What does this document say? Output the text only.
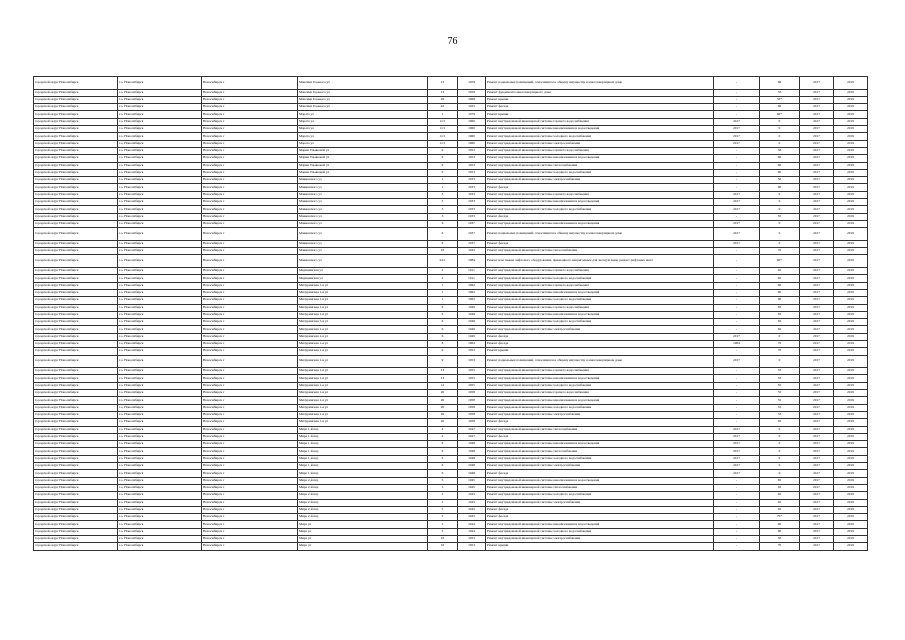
76
городской округ Новосибирск	г.о. Новосибирск	Новосибирск г	Максима Горького ул	12	1959	Ремонт подвальных помещений, относящихся к общему имуществу в многоквартирном доме	-	60	2017	2019
городской округ Новосибирск	г.о. Новосибирск	Новосибирск г	Максима Горького ул	12	1959	Ремонт фундамента многоквартирного дома	-	55	2017	2019
городской округ Новосибирск	г.о. Новосибирск	Новосибирск г	Максима Горького ул	26	1968	Ремонт крыши	-	50*	2017	2019
городской округ Новосибирск	г.о. Новосибирск	Новосибирск г	Максима Горького ул	42	1925	Ремонт фасада	-	60	2017	2019
городской округ Новосибирск	г.о. Новосибирск	Новосибирск г	Марата ул	1	1979	Ремонт крыши	-	60*	2017	2019
городской округ Новосибирск	г.о. Новосибирск	Новосибирск г	Марата ул	11/1	1960	Ремонт внутридомовой инженерной системы горячего водоснабжения	2017	0	2017	2019
городской округ Новосибирск	г.о. Новосибирск	Новосибирск г	Марата ул	11/1	1960	Ремонт внутридомовой инженерной системы канализования и водоотведения	2017	0	2017	2019
городской округ Новосибирск	г.о. Новосибирск	Новосибирск г	Марата ул	11/1	1960	Ремонт внутридомовой инженерной системы холодного водоснабжения	2017	0	2017	2019
городской округ Новосибирск	г.о. Новосибирск	Новосибирск г	Марата ул	11/1	1960	Ремонт внутридомовой инженерной системы электроснабжения	2017	0	2017	2019
городской округ Новосибирск	г.о. Новосибирск	Новосибирск г	Марии Ульяновой ул	9	1953	Ремонт внутридомовой инженерной системы горячего водоснабжения	-	56	2017	2019
городской округ Новосибирск	г.о. Новосибирск	Новосибирск г	Марии Ульяновой ул	9	1953	Ремонт внутридомовой инженерной системы канализования и водоотведения	-	60	2017	2019
городской округ Новосибирск	г.о. Новосибирск	Новосибирск г	Марии Ульяновой ул	9	1953	Ремонт внутридомовой инженерной системы теплоснабжения	-	60	2017	2019
городской округ Новосибирск	г.о. Новосибирск	Новосибирск г	Марии Ульяновой ул	9	1953	Ремонт внутридомовой инженерной системы холодного водоснабжения	-	60	2017	2019
городской округ Новосибирск	г.о. Новосибирск	Новосибирск г	Маяковского ул	1	1933	Ремонт внутридомовой инженерной системы электроснабжения	-	50	2017	2019
городской округ Новосибирск	г.о. Новосибирск	Новосибирск г	Маяковского ул	1	1933	Ремонт фасада	-	60	2017	2019
городской округ Новосибирск	г.о. Новосибирск	Новосибирск г	Маяковского ул	3	1933	Ремонт внутридомовой инженерной системы горячего водоснабжения	2017	0	2017	2019
городской округ Новосибирск	г.о. Новосибирск	Новосибирск г	Маяковского ул	3	1933	Ремонт внутридомовой инженерной системы канализования и водоотведения	2017	0	2017	2019
городской округ Новосибирск	г.о. Новосибирск	Новосибирск г	Маяковского ул	3	1933	Ремонт внутридомовой инженерной системы холодного водоснабжения	2017	0	2017	2019
городской округ Новосибирск	г.о. Новосибирск	Новосибирск г	Маяковского ул	3	1933	Ремонт фасада	-	55	2017	2019
городской округ Новосибирск	г.о. Новосибирск	Новосибирск г	Маяковского ул	6	1937	Ремонт внутридомовой инженерной системы канализования и водоотведения	2017	0	2017	2019
городской округ Новосибирск	г.о. Новосибирск	Новосибирск г	Маяковского ул	6	1937	Ремонт подвальных помещений, относящихся к общему имуществу в многоквартирном доме	2017	0	2017	2019
городской округ Новосибирск	г.о. Новосибирск	Новосибирск г	Маяковского ул	6	1937	Ремонт фасада	2017	0	2017	2019
городской округ Новосибирск	г.о. Новосибирск	Новосибирск г	Маяковского ул	16	1943	Ремонт внутридомовой инженерной системы теплоснабжения	-	70	2017	2019
городской округ Новосибирск	г.о. Новосибирск	Новосибирск г	Маяковского ул	24/1	1984	Ремонт или замена лифтового оборудования, признанного непригодным для эксплуатации, ремонт лифтовых шахт	-	60*	2017	2019
городской округ Новосибирск	г.о. Новосибирск	Новосибирск г	Медицинская ул	2	1911	Ремонт внутридомовой инженерной системы горячего водоснабжения	-	65	2017	2019
городской округ Новосибирск	г.о. Новосибирск	Новосибирск г	Медицинская ул	2	1911	Ремонт внутридомовой инженерной системы холодного водоснабжения	-	65	2017	2019
городской округ Новосибирск	г.о. Новосибирск	Новосибирск г	Мичуринская 1-я ул	1	1962	Ремонт внутридомовой инженерной системы горячего водоснабжения	-	60	2017	2019
городской округ Новосибирск	г.о. Новосибирск	Новосибирск г	Мичуринская 1-я ул	1	1962	Ремонт внутридомовой инженерной системы канализования и водоотведения	-	60	2017	2019
городской округ Новосибирск	г.о. Новосибирск	Новосибирск г	Мичуринская 1-я ул	1	1962	Ремонт внутридомовой инженерной системы холодного водоснабжения	-	60	2017	2019
городской округ Новосибирск	г.о. Новосибирск	Новосибирск г	Мичуринская 1-я ул	6	1949	Ремонт внутридомовой инженерной системы горячего водоснабжения	-	65	2017	2019
городской округ Новосибирск	г.о. Новосибирск	Новосибирск г	Мичуринская 1-я ул	6	1949	Ремонт внутридомовой инженерной системы канализования и водоотведения	-	65	2017	2019
городской округ Новосибирск	г.о. Новосибирск	Новосибирск г	Мичуринская 1-я ул	6	1949	Ремонт внутридомовой инженерной системы холодного водоснабжения	-	65	2017	2019
городской округ Новосибирск	г.о. Новосибирск	Новосибирск г	Мичуринская 1-я ул	6	1949	Ремонт внутридомовой инженерной системы электроснабжения	-	65	2017	2019
городской округ Новосибирск	г.о. Новосибирск	Новосибирск г	Мичуринская 1-я ул	6	1949	Ремонт фасада	2017	0	2017	2019
городской округ Новосибирск	г.о. Новосибирск	Новосибирск г	Мичуринская 1-я ул	8	1964	Ремонт фасада	1964	70	2017	2019
городской округ Новосибирск	г.о. Новосибирск	Новосибирск г	Мичуринская 1-я ул	9	1953	Ремонт крыши	-	70	2017	2019
городской округ Новосибирск	г.о. Новосибирск	Новосибирск г	Мичуринская 1-я ул	9	1953	Ремонт подвальных помещений, относящихся к общему имуществу в многоквартирном доме	2017	0	2017	2019
городской округ Новосибирск	г.о. Новосибирск	Новосибирск г	Мичуринская 1-я ул	14	1955	Ремонт внутридомовой инженерной системы горячего водоснабжения	-	55	2017	2019
городской округ Новосибирск	г.о. Новосибирск	Новосибирск г	Мичуринская 1-я ул	14	1955	Ремонт внутридомовой инженерной системы канализования и водоотведения	-	55	2017	2019
городской округ Новосибирск	г.о. Новосибирск	Новосибирск г	Мичуринская 1-я ул	14	1955	Ремонт внутридомовой инженерной системы холодного водоснабжения	-	55	2017	2019
городской округ Новосибирск	г.о. Новосибирск	Новосибирск г	Мичуринская 1-я ул	20	1958	Ремонт внутридомовой инженерной системы горячего водоснабжения	-	55	2017	2019
городской округ Новосибирск	г.о. Новосибирск	Новосибирск г	Мичуринская 1-я ул	20	1958	Ремонт внутридомовой инженерной системы канализования и водоотведения	-	55	2017	2019
городской округ Новосибирск	г.о. Новосибирск	Новосибирск г	Мичуринская 1-я ул	20	1958	Ремонт внутридомовой инженерной системы холодного водоснабжения	-	55	2017	2019
городской округ Новосибирск	г.о. Новосибирск	Новосибирск г	Мичуринская 1-я ул	20	1958	Ремонт внутридомовой инженерной системы электроснабжения	-	55	2017	2019
городской округ Новосибирск	г.о. Новосибирск	Новосибирск г	Мичуринская 1-я ул	20	1958	Ремонт фасада	-	65	2017	2019
городской округ Новосибирск	г.о. Новосибирск	Новосибирск г	Мира 1-й пер	4	1947	Ремонт внутридомовой инженерной системы теплоснабжения	2017	0	2017	2019
городской округ Новосибирск	г.о. Новосибирск	Новосибирск г	Мира 1-й пер	4	1947	Ремонт фасада	2017	0	2017	2019
городской округ Новосибирск	г.о. Новосибирск	Новосибирск г	Мира 1-й пер	6	1948	Ремонт внутридомовой инженерной системы канализования и водоотведения	2017	0	2017	2019
городской округ Новосибирск	г.о. Новосибирск	Новосибирск г	Мира 1-й пер	6	1948	Ремонт внутридомовой инженерной системы теплоснабжения	2017	0	2017	2019
городской округ Новосибирск	г.о. Новосибирск	Новосибирск г	Мира 1-й пер	6	1948	Ремонт внутридомовой инженерной системы холодного водоснабжения	2017	0	2017	2019
городской округ Новосибирск	г.о. Новосибирск	Новосибирск г	Мира 1-й пер	6	1948	Ремонт внутридомовой инженерной системы электроснабжения	2017	0	2017	2019
городской округ Новосибирск	г.о. Новосибирск	Новосибирск г	Мира 1-й пер	6	1948	Ремонт фасада	2017	0	2017	2019
городской округ Новосибирск	г.о. Новосибирск	Новосибирск г	Мира 2-й пер	5	1945	Ремонт внутридомовой инженерной системы канализования и водоотведения	-	65	2017	2019
городской округ Новосибирск	г.о. Новосибирск	Новосибирск г	Мира 2-й пер	5	1945	Ремонт внутридомовой инженерной системы теплоснабжения	-	65	2017	2019
городской округ Новосибирск	г.о. Новосибирск	Новосибирск г	Мира 2-й пер	5	1945	Ремонт внутридомовой инженерной системы холодного водоснабжения	-	65	2017	2019
городской округ Новосибирск	г.о. Новосибирск	Новосибирск г	Мира 2-й пер	5	1945	Ремонт внутридомовой инженерной системы электроснабжения	-	65	2017	2019
городской округ Новосибирск	г.о. Новосибирск	Новосибирск г	Мира 2-й пер	5	1945	Ремонт фасада	-	65	2017	2019
городской округ Новосибирск	г.о. Новосибирск	Новосибирск г	Мира 2-й пер	5	1945	Ремонт фасада	-	70*	2017	2019
городской округ Новосибирск	г.о. Новосибирск	Новосибирск г	Мира ул	5	1944	Ремонт внутридомовой инженерной системы канализования и водоотведения	-	60	2017	2019
городской округ Новосибирск	г.о. Новосибирск	Новосибирск г	Мира ул	5	1944	Ремонт внутридомовой инженерной системы холодного водоснабжения	-	60	2017	2019
городской округ Новосибирск	г.о. Новосибирск	Новосибирск г	Мира ул	16	1953	Ремонт внутридомовой инженерной системы электроснабжения	-	50	2017	2019
городской округ Новосибирск	г.о. Новосибирск	Новосибирск г	Мира ул	16	1953	Ремонт крыши	-	70	2017	2019
